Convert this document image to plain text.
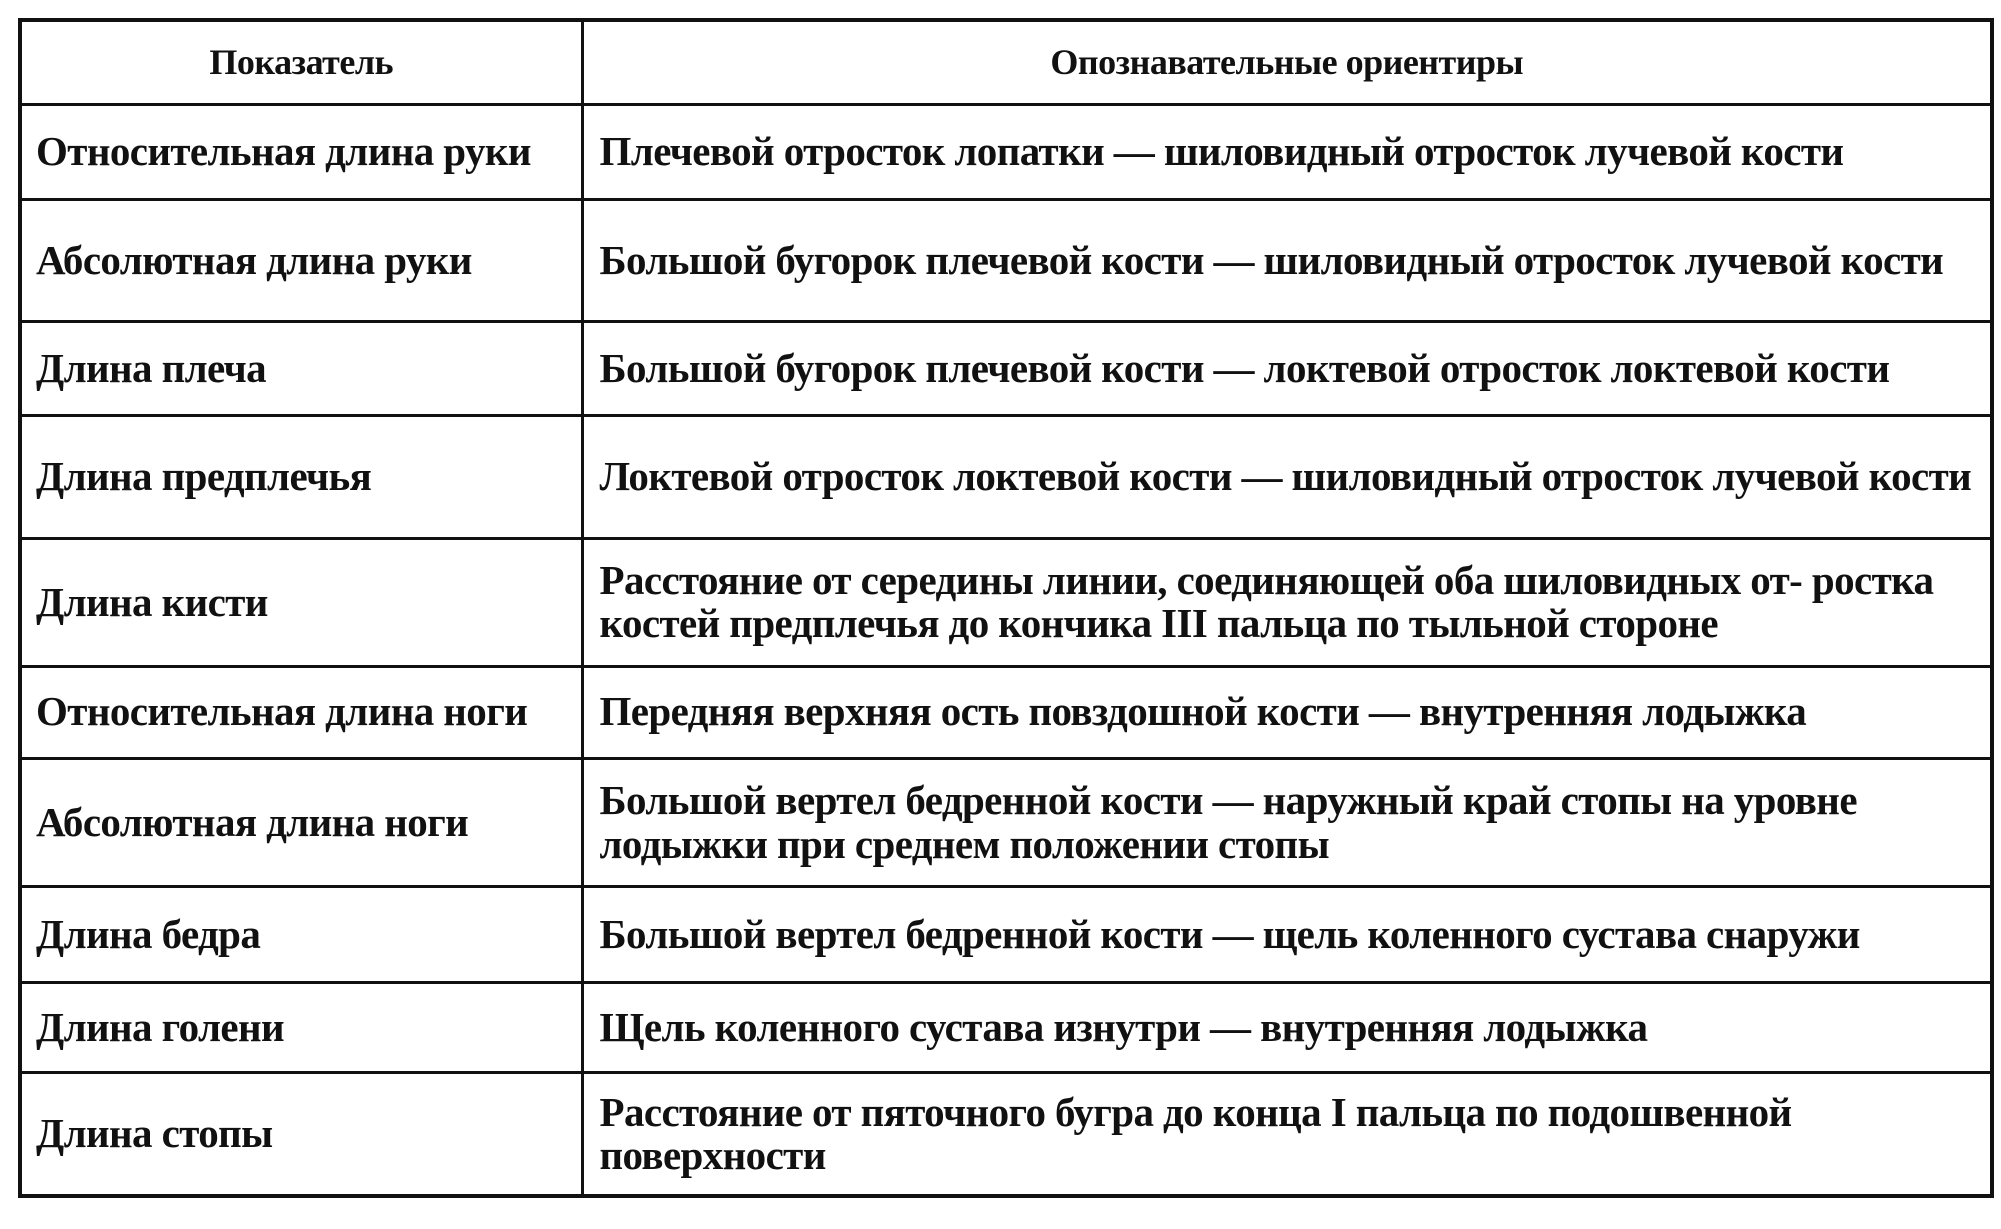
Показатель	Опознавательные ориентиры
Относительная длина руки	Плечевой отросток лопатки — шиловидный отросток лучевой кости
Абсолютная длина руки	Большой бугорок плечевой кости — шиловидный отросток лучевой кости
Длина плеча	Большой бугорок плечевой кости — локтевой отросток локтевой кости
Длина предплечья	Локтевой отросток локтевой кости — шиловидный отросток лучевой кости
Длина кисти	Расстояние от середины линии, соединяющей оба шиловидных от- ростка костей предплечья до кончика III пальца по тыльной стороне
Относительная длина ноги	Передняя верхняя ость повздошной кости — внутренняя лодыжка
Абсолютная длина ноги	Большой вертел бедренной кости — наружный край стопы на уровне лодыжки при среднем положении стопы
Длина бедра	Большой вертел бедренной кости — щель коленного сустава снаружи
Длина голени	Щель коленного сустава изнутри — внутренняя лодыжка
Длина стопы	Расстояние от пяточного бугра до конца I пальца по подошвенной поверхности
